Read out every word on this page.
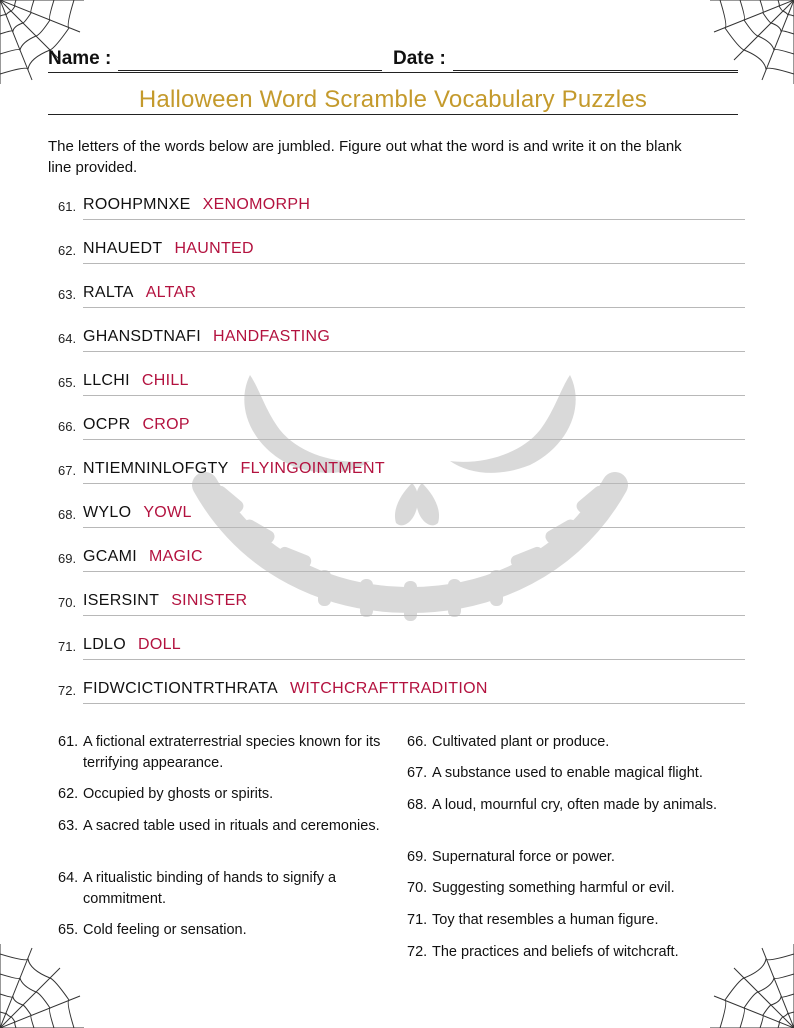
Name :	Date :
Halloween Word Scramble Vocabulary Puzzles
The letters of the words below are jumbled. Figure out what the word is and write it on the blank line provided.
61. ROOHPMNXE XENOMORPH
62. NHAUEDT HAUNTED
63. RALTA ALTAR
64. GHANSDTNAFI HANDFASTING
65. LLCHI CHILL
66. OCPR CROP
67. NTIEMNINLOFGTY FLYINGOINTMENT
68. WYLO YOWL
69. GCAMI MAGIC
70. ISERSINT SINISTER
71. LDLO DOLL
72. FIDWCICTIONTRTHRATA WITCHCRAFTTRADITION
61. A fictional extraterrestrial species known for its terrifying appearance.
62. Occupied by ghosts or spirits.
63. A sacred table used in rituals and ceremonies.
64. A ritualistic binding of hands to signify a commitment.
65. Cold feeling or sensation.
66. Cultivated plant or produce.
67. A substance used to enable magical flight.
68. A loud, mournful cry, often made by animals.
69. Supernatural force or power.
70. Suggesting something harmful or evil.
71. Toy that resembles a human figure.
72. The practices and beliefs of witchcraft.
